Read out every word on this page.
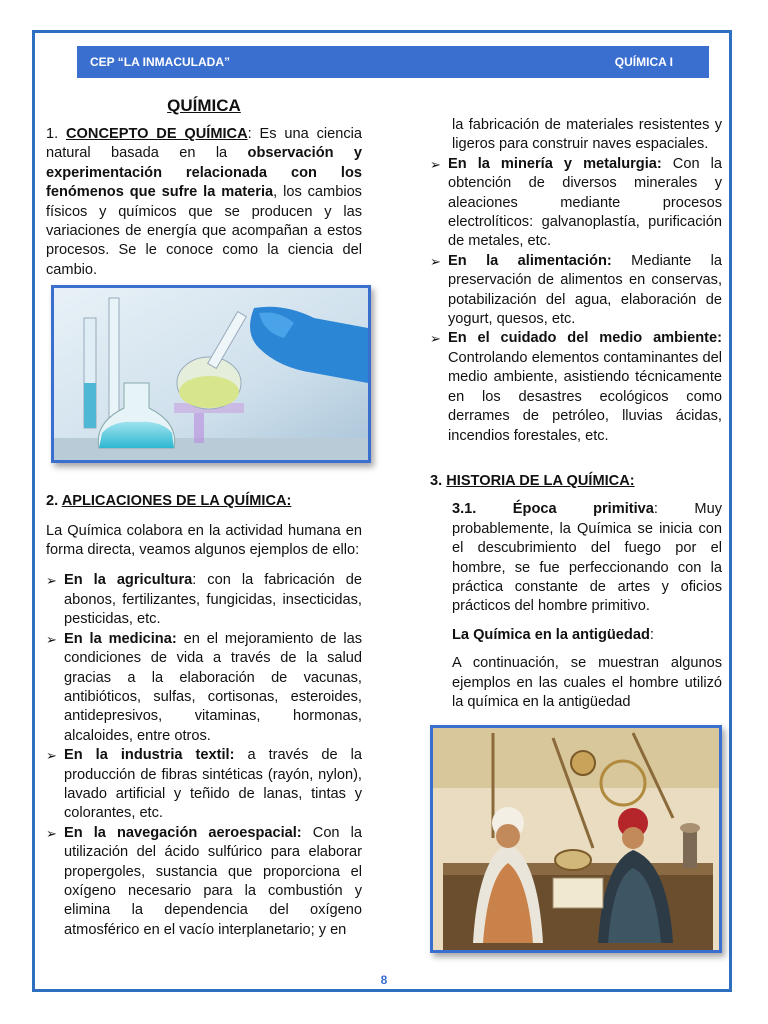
CEP “LA INMACULADA”	QUÍMICA I
QUÍMICA

1. CONCEPTO DE QUÍMICA: Es una ciencia natural basada en la observación y experimentación relacionada con los fenómenos que sufre la materia, los cambios físicos y químicos que se producen y las variaciones de energía que acompañan a estos procesos. Se le conoce como la ciencia del cambio.

2. APLICACIONES DE LA QUÍMICA:

La Química colabora en la actividad humana en forma directa, veamos algunos ejemplos de ello:

➢ En la agricultura: con la fabricación de abonos, fertilizantes, fungicidas, insecticidas, pesticidas, etc.
➢ En la medicina: en el mejoramiento de las condiciones de vida a través de la salud gracias a la elaboración de vacunas, antibióticos, sulfas, cortisonas, esteroides, antidepresivos, vitaminas, hormonas, alcaloides, entre otros.
➢ En la industria textil: a través de la producción de fibras sintéticas (rayón, nylon), lavado artificial y teñido de lanas, tintas y colorantes, etc.
➢ En la navegación aeroespacial: Con la utilización del ácido sulfúrico para elaborar propergoles, sustancia que proporciona el oxígeno necesario para la combustión y elimina la dependencia del oxígeno atmosférico en el vacío interplanetario; y en

la fabricación de materiales resistentes y ligeros para construir naves espaciales.

➢ En la minería y metalurgia: Con la obtención de diversos minerales y aleaciones mediante procesos electrolíticos: galvanoplastía, purificación de metales, etc.
➢ En la alimentación: Mediante la preservación de alimentos en conservas, potabilización del agua, elaboración de yogurt, quesos, etc.
➢ En el cuidado del medio ambiente: Controlando elementos contaminantes del medio ambiente, asistiendo técnicamente en los desastres ecológicos como derrames de petróleo, lluvias ácidas, incendios forestales, etc.

3. HISTORIA DE LA QUÍMICA:

3.1. Época primitiva: Muy probablemente, la Química se inicia con el descubrimiento del fuego por el hombre, se fue perfeccionando con la práctica constante de artes y oficios prácticos del hombre primitivo.

La Química en la antigüedad:

A continuación, se muestran algunos ejemplos en las cuales el hombre utilizó la química en la antigüedad

8
